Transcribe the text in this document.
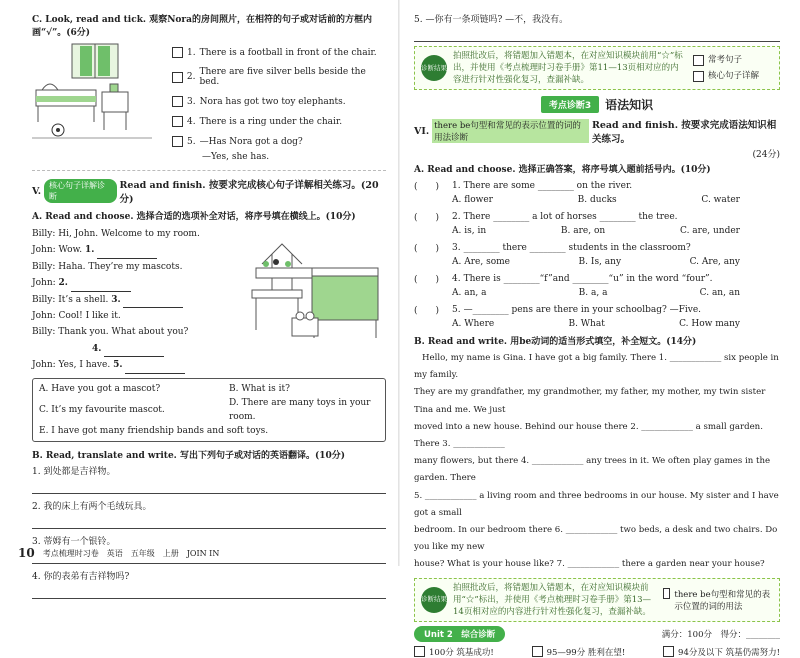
C. Look, read and tick. 观察Nora的房间照片，在相符的句子或对话前的方框内画“√”。(6分)
1. There is a football in front of the chair.
2. There are five silver bells beside the bed.
3. Nora has got two toy elephants.
4. There is a ring under the chair.
5. —Has Nora got a dog?
—Yes, she has.
V.	核心句子详解诊断
Read and finish. 按要求完成核心句子详解相关练习。(20分)
A. Read and choose. 选择合适的选项补全对话，将序号填在横线上。(10分)
Billy: Hi, John. Welcome to my room.
John: Wow. 1.
Billy: Haha. They’re my mascots.
John: 2.
Billy: It’s a shell. 3.
John: Cool! I like it.
Billy: Thank you. What about you?
4.
John: Yes, I have. 5.
A. Have you got a mascot?	B. What is it?
C. It’s my favourite mascot.
D. There are many toys in your room.
E. I have got many friendship bands and soft toys.
B. Read, translate and write. 写出下列句子或对话的英语翻译。(10分)
1. 到处都是吉祥物。
2. 我的床上有两个毛绒玩具。
3. 蒂姆有一个银铃。
4. 你的表弟有吉祥物吗?
10 考点梳理时习卷　英语　五年级　上册　JOIN IN
5. —你有一条项链吗? —不，我没有。
诊断结果
拍照批改后，将错题加入错题本，在对应知识模块前用“☆”标出，并使用《考点梳理时习卷手册》第11—13页相对应的内容进行针对性强化复习，查漏补缺。
常考句子
核心句子详解
考点诊断3	语法知识
VI. there be句型和常见的表示位置的词的用法诊断
Read and finish. 按要求完成语法知识相关练习。
(24分)
A. Read and choose. 选择正确答案，将序号填入题前括号内。(10分)
(　　)	1. There are some ________ on the river.
A. flower	B. ducks	C. water
(　　)	2. There ________ a lot of horses ________ the tree.
A. is, in	B. are, on	C. are, under
(　　)	3. ________ there ________ students in the classroom?
A. Are, some	B. Is, any	C. Are, any
(　　)	4. There is ________“f”and ________“u” in the word “four”.
A. an, a	B. a, a	C. an, an
(　　)	5. —________ pens are there in your schoolbag? —Five.
A. Where	B. What	C. How many
B. Read and write. 用be动词的适当形式填空，补全短文。(14分)
Hello, my name is Gina. I have got a big family. There 1. ____________ six people in my family.
They are my grandfather, my grandmother, my father, my mother, my twin sister Tina and me. We just
moved into a new house. Behind our house there 2. ____________ a small garden. There 3. ____________
many flowers, but there 4. ____________ any trees in it. We often play games in the garden. There
5. ____________ a living room and three bedrooms in our house. My sister and I have got a small
bedroom. In our bedroom there 6. ____________ two beds, a desk and two chairs. Do you like my new
house? What is your house like? 7. ____________ there a garden near your house?
诊断结果
拍照批改后，将错题加入错题本，在对应知识模块前用“☆”标出，并使用《考点梳理时习卷手册》第13—14页相对应的内容进行针对性强化复习，查漏补缺。
there be句型和常见的表示位置的词的用法
Unit 2　综合诊断	满分：100分　得分：________
100分 筑基成功!	95—99分 胜利在望!	94分及以下 筑基仍需努力!
